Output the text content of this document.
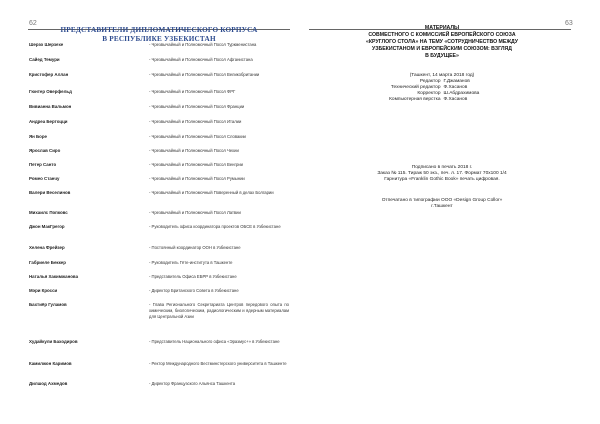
62	63
ПРЕДСТАВИТЕЛИ ДИПЛОМАТИЧЕСКОГО КОРПУСА
В РЕСПУБЛИКЕ УЗБЕКИСТАН
Шерзо Шерзехе	- Чрезвычайный и Полномочный Посол Туркменистана
Сайед Темури	- Чрезвычайный и Полномочный Посол Афганистана
Кристофер Аллан	- Чрезвычайный и Полномочный Посол Великобритании
Гюнтер Оверфельд	- Чрезвычайный и Полномочный Посол ФРГ
Вивианна Вальмон	- Чрезвычайный и Полномочный Посол Франции
Андреа Бертоцци	- Чрезвычайный и Полномочный Посол Италии
Ян Боре	- Чрезвычайный и Полномочный Посол Словакии
Ярослав Сиро	- Чрезвычайный и Полномочный Посол Чехии
Петер Санто	- Чрезвычайный и Полномочный Посол Венгрии
Ромео Станчу	- Чрезвычайный и Полномочный Посол Румынии
Валери Веселинов	- Чрезвычайный и Полномочный Поверенный в делах Болгарии
Михаилс Попковс	- Чрезвычайный и Полномочный Посол Латвии
Джон МакГрегор	- Руководитель офиса координатора проектов ОБСЕ в Узбекистане
Хелена Фрейзер	- Постоянный координатор ООН в Узбекистане
Габриеле Беккер	- Руководитель Гёте-института в Ташкенте
Наталья Хакимжанова	- Представитель Офиса ЕБРР в Узбекистане
Мэри Кросси	- Директор Британского Совета в Узбекистане
Бахтиёр Гуламов	- Глава Регионального Секретариата Центров передового опыта по химическим, биологическим, радиологическим и ядерным материалам для Центральной Азии
Худайкули Баходиров	- Представитель Национального офиса «Эразмус+» в Узбекистане
Камилжон Каримов	- Ректор Международного Вестминстерского университета в Ташкенте
Дилшод Ахмедов	- Директор Французского Альянса Ташкента
МАТЕРИАЛЫ
СОВМЕСТНОГО С КОМИССИЕЙ ЕВРОПЕЙСКОГО СОЮЗА
«КРУГЛОГО СТОЛА» НА ТЕМУ «СОТРУДНИЧЕСТВО МЕЖДУ
УЗБЕКИСТАНОМ И ЕВРОПЕЙСКИМ СОЮЗОМ: ВЗГЛЯД
В БУДУЩЕЕ»
(Ташкент, 14 марта 2018 год)
Редактор Г.Джаманов
Технический редактор Ф.Хасанов
Корректор Ш.Абдрахимова
Компьютерная верстка Ф.Хасанов
Подписано в печать 2018 г.
Заказ № 115. Тираж 50 экз., печ. л. 17. Формат 70х100 1/4
Гарнитура «Franklin Gothic Book» печать цифровая.
Отпечатано в типографии ООО «Design Group Collor»
г.Ташкент
